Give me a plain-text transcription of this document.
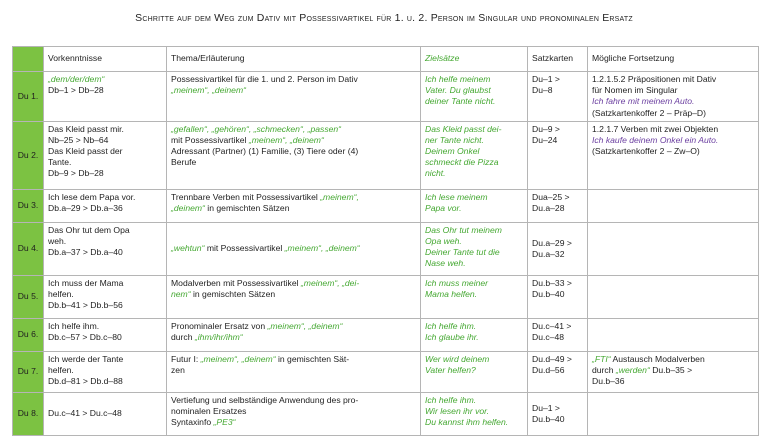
Schritte auf dem Weg zum Dativ mit Possessivartikel für 1. u. 2. Person im Singular und pronominalen Ersatz
	Vorkenntnisse	Thema/Erläuterung	Zielsätze	Satzkarten	Mögliche Fortsetzung
Du 1.	„dem/der/dem“
Db–1 > Db–28	Possessivartikel für die 1. und 2. Person im Dativ
„meinem“, „deinem“	Ich helfe meinem
Vater. Du glaubst
deiner Tante nicht.	Du–1 >
Du–8	1.2.1.5.2 Präpositionen mit Dativ
für Nomen im Singular
Ich fahre mit meinem Auto.
(Satzkartenkoffer 2 – Präp–D)

Du 2.	Das Kleid passt mir.
Nb–25 > Nb–64
Das Kleid passt der
Tante.
Db–9 > Db–28	„gefallen“, „gehören“, „schmecken“, „passen“
mit Possessivartikel „meinem“, „deinem“
Adressant (Partner) (1) Familie, (3) Tiere oder (4)
Berufe	Das Kleid passt dei-
ner Tante nicht.
Deinem Onkel
schmeckt die Pizza
nicht.	Du–9 >
Du–24	1.2.1.7 Verben mit zwei Objekten
Ich kaufe deinem Onkel ein Auto.
(Satzkartenkoffer 2 – Zw–O)

Du 3.	Ich lese dem Papa vor.
Db.a–29 > Db.a–36	Trennbare Verben mit Possessivartikel „meinem“,
„deinem“ in gemischten Sätzen	Ich lese meinem
Papa vor.	Dua–25 >
Du.a–28	

Du 4.	Das Ohr tut dem Opa
weh.
Db.a–37 > Db.a–40	„wehtun“ mit Possessivartikel „meinem“, „deinem“	Das Ohr tut meinem
Opa weh.
Deiner Tante tut die
Nase weh.	Du.a–29 >
Du.a–32	

Du 5.	Ich muss der Mama
helfen.
Db.b–41 > Db.b–56	Modalverben mit Possessivartikel „meinem“, „dei-
nem“ in gemischten Sätzen	Ich muss meiner
Mama helfen.	Du.b–33 >
Du.b–40	

Du 6.	Ich helfe ihm.
Db.c–57 > Db.c–80	Pronominaler Ersatz von „meinem“, „deinem“
durch „ihm/ihr/ihm“	Ich helfe ihm.
Ich glaube ihr.	Du.c–41 >
Du.c–48	

Du 7.	Ich werde der Tante
helfen.
Db.d–81 > Db.d–88	Futur I: „meinem“, „deinem“ in gemischten Sät-
zen	Wer wird deinem
Vater helfen?	Du.d–49 >
Du.d–56	„FTI“ Austausch Modalverben
durch „werden“ Du.b–35 >
Du.b–36

Du 8.	Du.c–41 > Du.c–48	Vertiefung und selbständige Anwendung des pro-
nominalen Ersatzes
Syntaxinfo „PE3“	Ich helfe ihm.
Wir lesen ihr vor.
Du kannst ihm helfen.	Du–1 >
Du.b–40	
